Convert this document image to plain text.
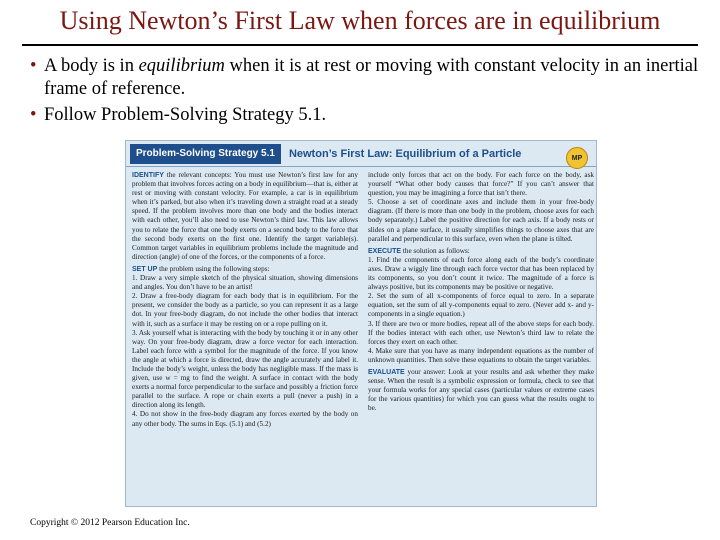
Using Newton’s First Law when forces are in equilibrium
• A body is in equilibrium when it is at rest or moving with constant velocity in an inertial frame of reference.
• Follow Problem-Solving Strategy 5.1.
Problem-Solving Strategy 5.1	Newton’s First Law: Equilibrium of a Particle	MP

IDENTIFY the relevant concepts: You must use Newton’s first law for any problem that involves forces acting on a body in equilibrium—that is, either at rest or moving with constant velocity. For example, a car is in equilibrium when it’s parked, but also when it’s traveling down a straight road at a steady speed. If the problem involves more than one body and the bodies interact with each other, you’ll also need to use Newton’s third law. This law allows you to relate the force that one body exerts on a second body to the force that the second body exerts on the first one. Identify the target variable(s). Common target variables in equilibrium problems include the magnitude and direction (angle) of one of the forces, or the components of a force.

SET UP the problem using the following steps:

1. Draw a very simple sketch of the physical situation, showing dimensions and angles. You don’t have to be an artist!

2. Draw a free-body diagram for each body that is in equilibrium. For the present, we consider the body as a particle, so you can represent it as a large dot. In your free-body diagram, do not include the other bodies that interact with it, such as a surface it may be resting on or a rope pulling on it.

3. Ask yourself what is interacting with the body by touching it or in any other way. On your free-body diagram, draw a force vector for each interaction. Label each force with a symbol for the magnitude of the force. If you know the angle at which a force is directed, draw the angle accurately and label it. Include the body’s weight, unless the body has negligible mass. If the mass is given, use w = mg to find the weight. A surface in contact with the body exerts a normal force perpendicular to the surface and possibly a friction force parallel to the surface. A rope or chain exerts a pull (never a push) in a direction along its length.

4. Do not show in the free-body diagram any forces exerted by the body on any other body. The sums in Eqs. (5.1) and (5.2)

include only forces that act on the body. For each force on the body, ask yourself “What other body causes that force?” If you can’t answer that question, you may be imagining a force that isn’t there.

5. Choose a set of coordinate axes and include them in your free-body diagram. (If there is more than one body in the problem, choose axes for each body separately.) Label the positive direction for each axis. If a body rests or slides on a plane surface, it usually simplifies things to choose axes that are parallel and perpendicular to this surface, even when the plane is tilted.

EXECUTE the solution as follows:

1. Find the components of each force along each of the body’s coordinate axes. Draw a wiggly line through each force vector that has been replaced by its components, so you don’t count it twice. The magnitude of a force is always positive, but its components may be positive or negative.

2. Set the sum of all x-components of force equal to zero. In a separate equation, set the sum of all y-components equal to zero. (Never add x- and y-components in a single equation.)

3. If there are two or more bodies, repeat all of the above steps for each body. If the bodies interact with each other, use Newton’s third law to relate the forces they exert on each other.

4. Make sure that you have as many independent equations as the number of unknown quantities. Then solve these equations to obtain the target variables.

EVALUATE your answer: Look at your results and ask whether they make sense. When the result is a symbolic expression or formula, check to see that your formula works for any special cases (particular values or extreme cases for the various quantities) for which you can guess what the results ought to be.

Copyright © 2012 Pearson Education Inc.
